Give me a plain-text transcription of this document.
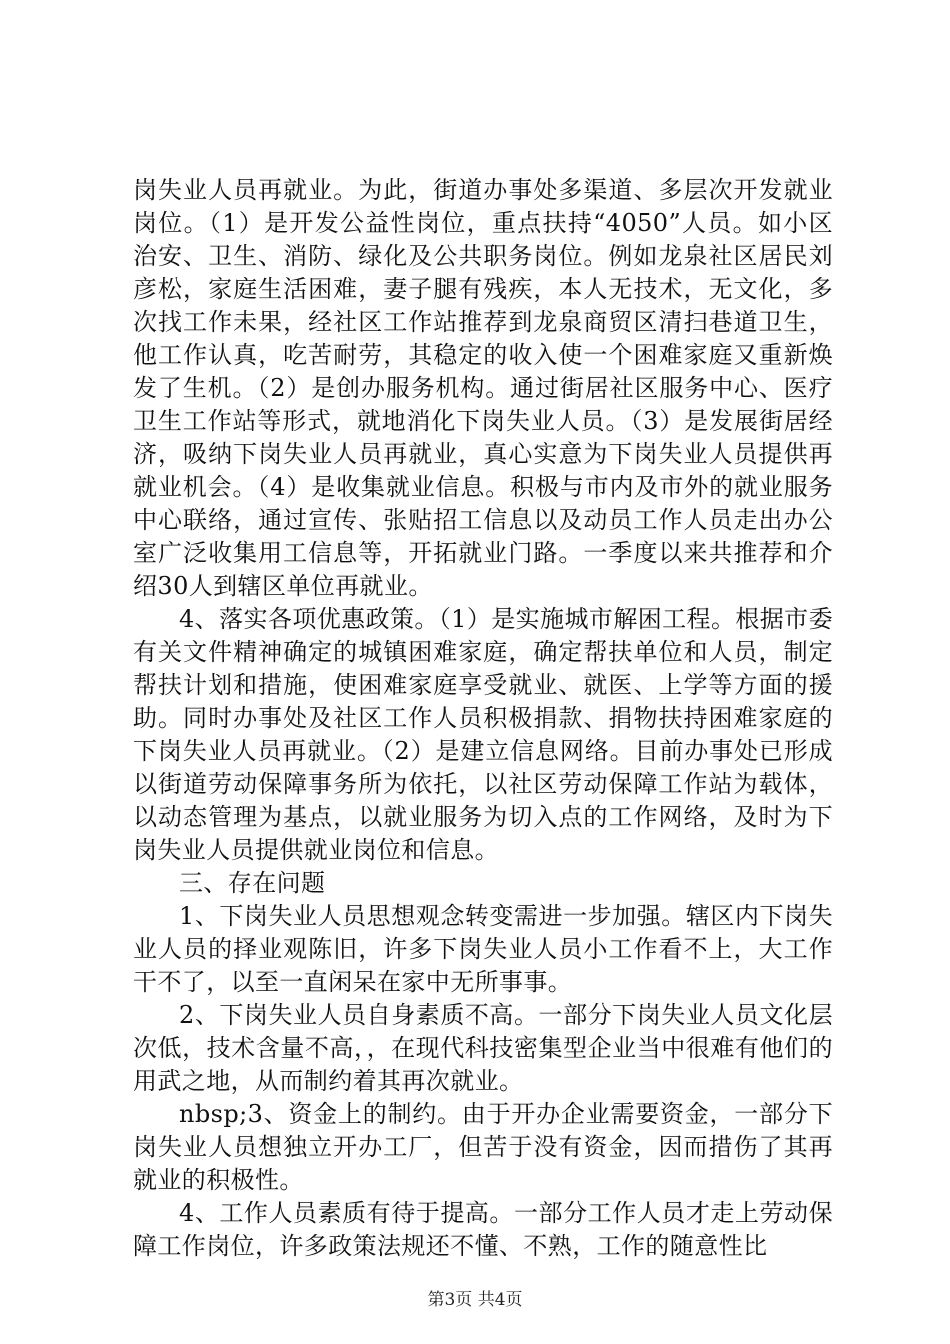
岗失业人员再就业。为此，街道办事处多渠道、多层次开发就业岗位。（1）是开发公益性岗位，重点扶持“4050”人员。如小区治安、卫生、消防、绿化及公共职务岗位。例如龙泉社区居民刘彦松，家庭生活困难，妻子腿有残疾，本人无技术，无文化，多次找工作未果，经社区工作站推荐到龙泉商贸区清扫巷道卫生，他工作认真，吃苦耐劳，其稳定的收入使一个困难家庭又重新焕发了生机。（2）是创办服务机构。通过街居社区服务中心、医疗卫生工作站等形式，就地消化下岗失业人员。（3）是发展街居经济，吸纳下岗失业人员再就业，真心实意为下岗失业人员提供再就业机会。（4）是收集就业信息。积极与市内及市外的就业服务中心联络，通过宣传、张贴招工信息以及动员工作人员走出办公室广泛收集用工信息等，开拓就业门路。一季度以来共推荐和介绍30人到辖区单位再就业。

4、落实各项优惠政策。（1）是实施城市解困工程。根据市委有关文件精神确定的城镇困难家庭，确定帮扶单位和人员，制定帮扶计划和措施，使困难家庭享受就业、就医、上学等方面的援助。同时办事处及社区工作人员积极捐款、捐物扶持困难家庭的下岗失业人员再就业。（2）是建立信息网络。目前办事处已形成以街道劳动保障事务所为依托，以社区劳动保障工作站为载体，以动态管理为基点，以就业服务为切入点的工作网络，及时为下岗失业人员提供就业岗位和信息。

三、存在问题

1、下岗失业人员思想观念转变需进一步加强。辖区内下岗失业人员的择业观陈旧，许多下岗失业人员小工作看不上，大工作干不了，以至一直闲呆在家中无所事事。

2、下岗失业人员自身素质不高。一部分下岗失业人员文化层次低，技术含量不高，，在现代科技密集型企业当中很难有他们的用武之地，从而制约着其再次就业。

nbsp;3、资金上的制约。由于开办企业需要资金，一部分下岗失业人员想独立开办工厂，但苦于没有资金，因而措伤了其再就业的积极性。

4、工作人员素质有待于提高。一部分工作人员才走上劳动保障工作岗位，许多政策法规还不懂、不熟，工作的随意性比

第3页 共4页
